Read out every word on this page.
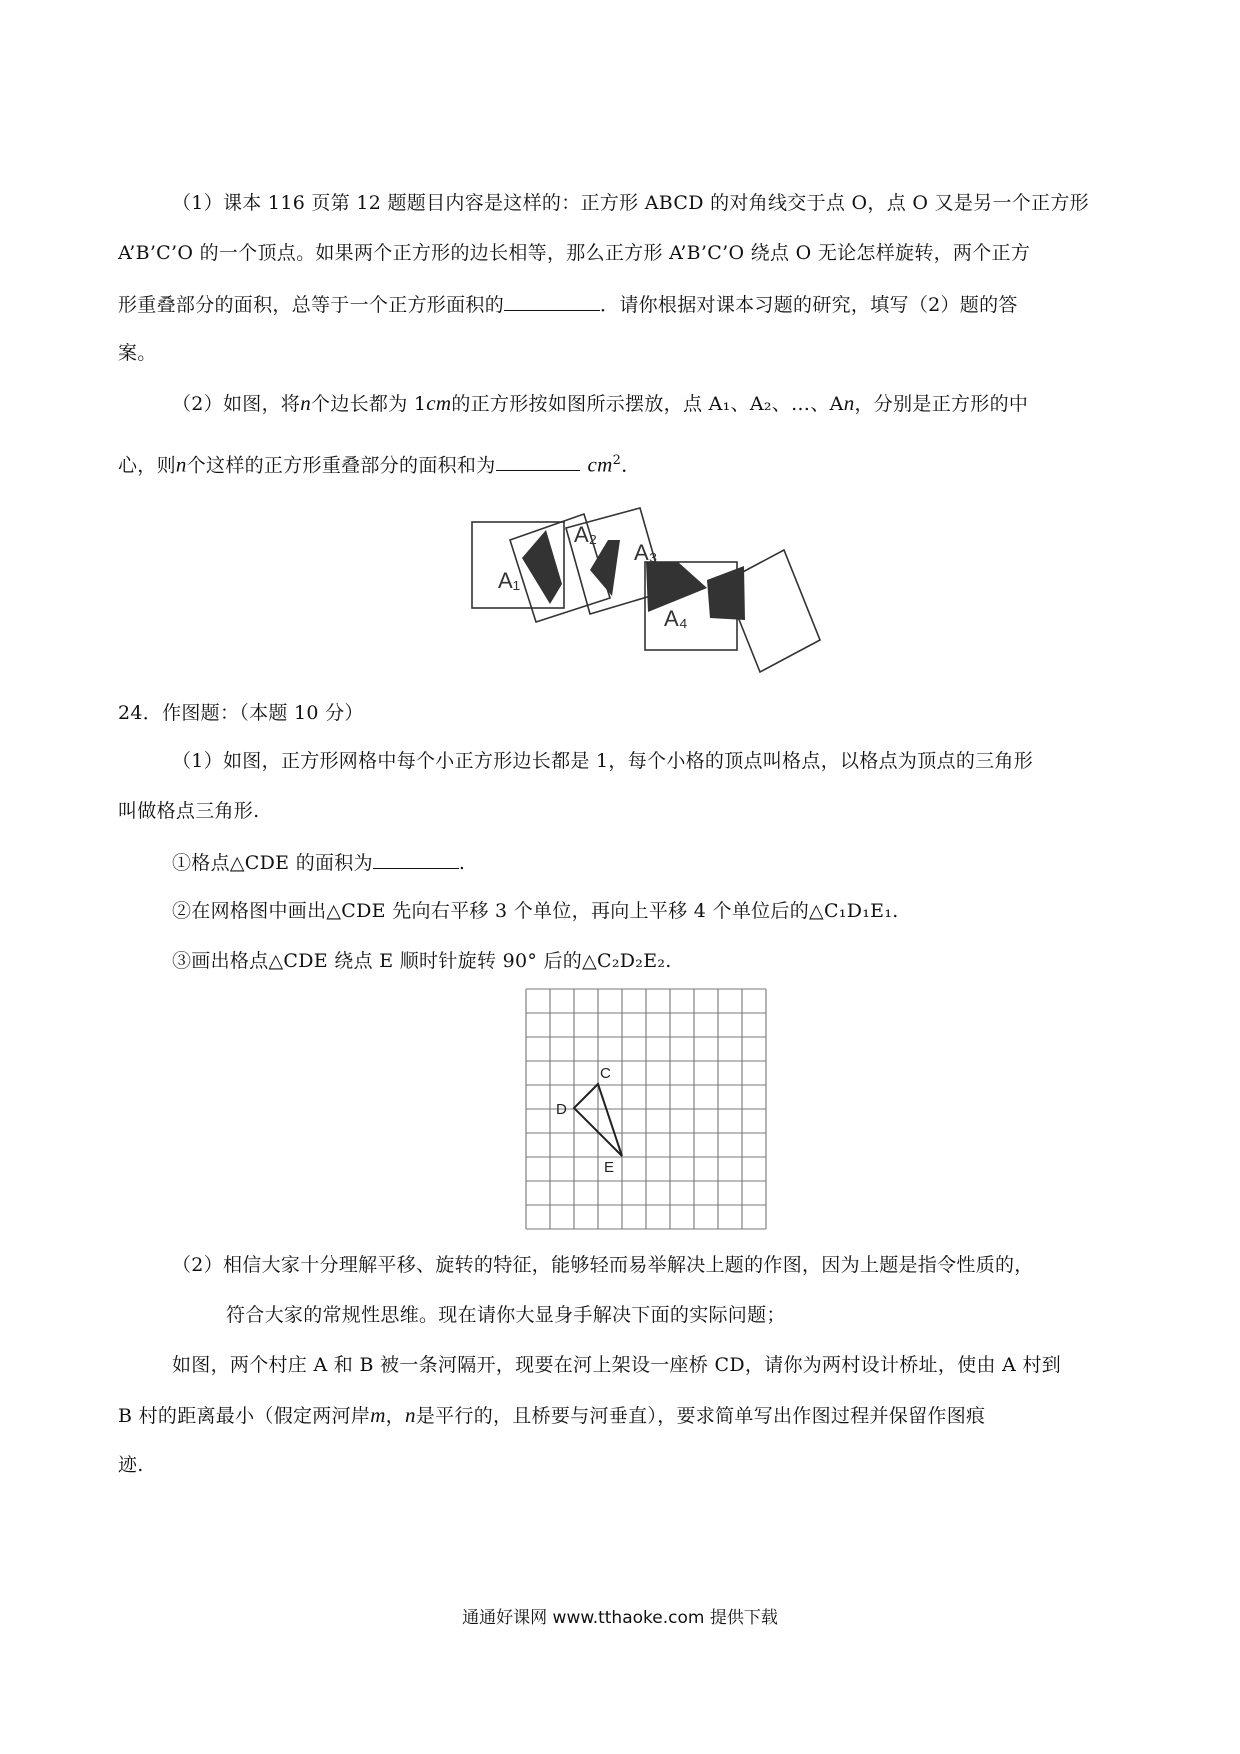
（1）课本 116 页第 12 题题目内容是这样的：正方形 ABCD 的对角线交于点 O，点 O 又是另一个正方形
A’B’C’O 的一个顶点。如果两个正方形的边长相等，那么正方形 A’B’C’O 绕点 O 无论怎样旋转，两个正方
形重叠部分的面积，总等于一个正方形面积的	．请你根据对课本习题的研究，填写（2）题的答
案。
（2）如图，将n个边长都为 1cm的正方形按如图所示摆放，点 A₁、A₂、…、An，分别是正方形的中
心，则n个这样的正方形重叠部分的面积和为	$cm^2$．
A₁
A₂
A₃
A₄
24．作图题：（本题 10 分）
（1）如图，正方形网格中每个小正方形边长都是 1，每个小格的顶点叫格点，以格点为顶点的三角形
叫做格点三角形.
①格点△CDE 的面积为	.
②在网格图中画出△CDE 先向右平移 3 个单位，再向上平移 4 个单位后的△C₁D₁E₁.
③画出格点△CDE 绕点 E 顺时针旋转 90° 后的△C₂D₂E₂.
C
D
E
（2）相信大家十分理解平移、旋转的特征，能够轻而易举解决上题的作图，因为上题是指令性质的，
符合大家的常规性思维。现在请你大显身手解决下面的实际问题；
如图，两个村庄 A 和 B 被一条河隔开，现要在河上架设一座桥 CD，请你为两村设计桥址，使由 A 村到
B 村的距离最小（假定两河岸m，n是平行的，且桥要与河垂直），要求简单写出作图过程并保留作图痕
迹.
通通好课网 www.tthaoke.com 提供下载
